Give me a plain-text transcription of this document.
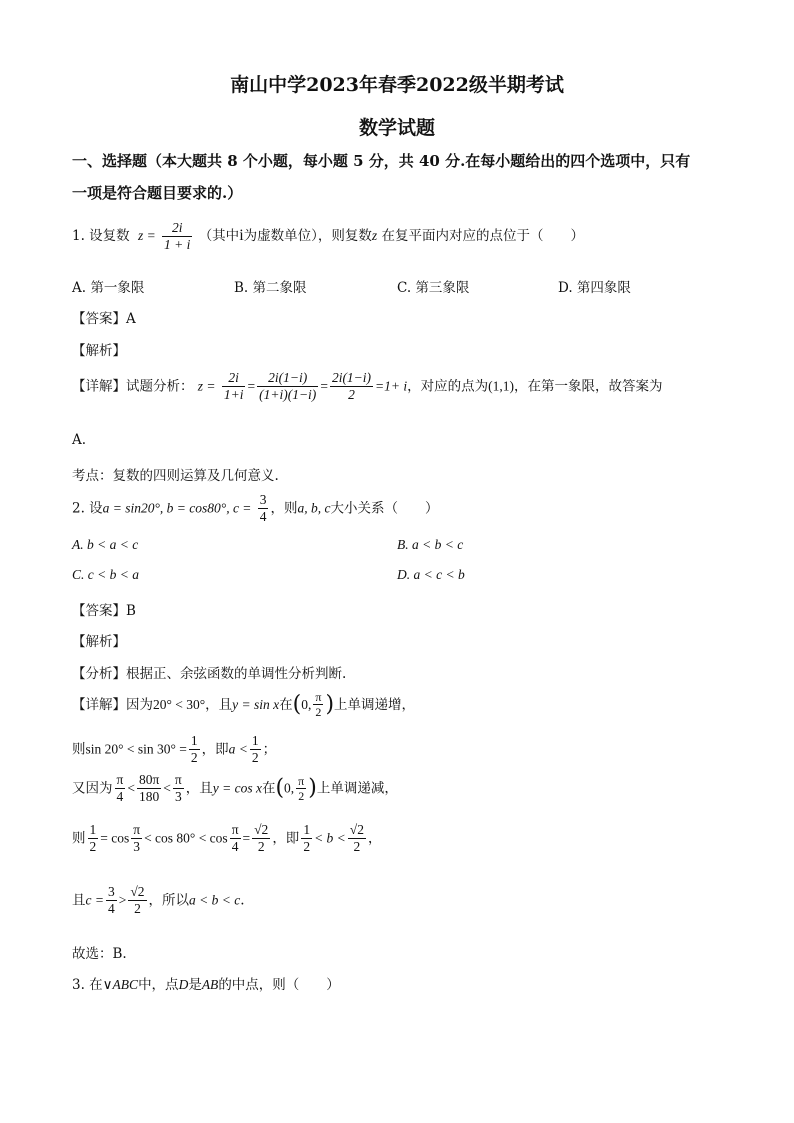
南山中学2023年春季2022级半期考试
数学试题
一、选择题（本大题共 8 个小题，每小题 5 分，共 40 分.在每小题给出的四个选项中，只有
一项是符合题目要求的.）
1. 设复数 $z = \frac{2i}{1 + i}$ （其中i为虚数单位），则复数z 在复平面内对应的点位于（　　）
A. 第一象限	B. 第二象限	C. 第三象限	D. 第四象限
【答案】A
【解析】
【详解】试题分析： $z = \frac{2i}{1+i} = \frac{2i(1-i)}{(1+i)(1-i)} = \frac{2i(1-i)}{2} =1+ i$，对应的点为(1,1)，在第一象限，故答案为
A.
考点：复数的四则运算及几何意义.
2. 设a = sin20°, b = cos80°, $c = \frac{3}{4}$ ，则a, b, c大小关系（　　）
A. b < a < c	B. a < b < c
C. c < b < a	D. a < c < b
【答案】B
【解析】
【分析】根据正、余弦函数的单调性分析判断.
【详解】因为20° < 30°，且y = sin x在(0, $\frac{\pi}{2}$ )上单调递增，
则$\sin 20^\circ < \sin 30^\circ = \frac{1}{2}$ ，即$a < \frac{1}{2}$ ；
又因为 $\frac{\pi}{4} < \frac{80\pi}{180} < \frac{\pi}{3}$ ，且y = cos x在(0, $\frac{\pi}{2}$ )上单调递减，
则 $\frac{1}{2} = \cos \frac{\pi}{3} < \cos 80^\circ < \cos \frac{\pi}{4} = \frac{√2}{2}$ ，即 $\frac{1}{2} < b < \frac{√2}{2}$ ，
且$c = \frac{3}{4} > \frac{√2}{2}$ ，所以a < b < c.
故选：B.
3. 在∨ABC中，点D是AB的中点，则（　　）
